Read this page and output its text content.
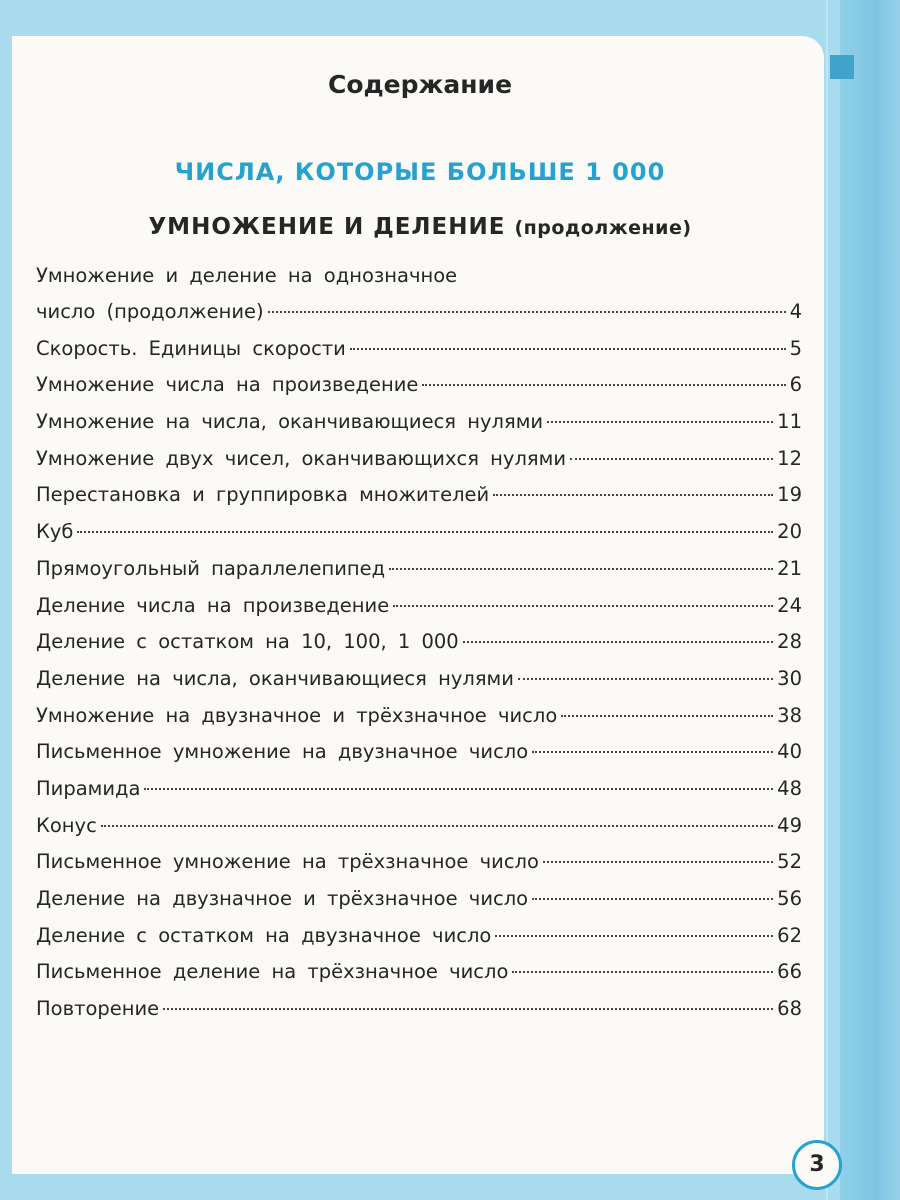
Содержание
ЧИСЛА, КОТОРЫЕ БОЛЬШЕ 1 000
УМНОЖЕНИЕ И ДЕЛЕНИЕ (продолжение)
Умножение и деление на однозначное
число (продолжение)	4
Скорость. Единицы скорости	5
Умножение числа на произведение	6
Умножение на числа, оканчивающиеся нулями	11
Умножение двух чисел, оканчивающихся нулями	12
Перестановка и группировка множителей	19
Куб	20
Прямоугольный параллелепипед	21
Деление числа на произведение	24
Деление с остатком на 10, 100, 1 000	28
Деление на числа, оканчивающиеся нулями	30
Умножение на двузначное и трёхзначное число	38
Письменное умножение на двузначное число	40
Пирамида	48
Конус	49
Письменное умножение на трёхзначное число	52
Деление на двузначное и трёхзначное число	56
Деление с остатком на двузначное число	62
Письменное деление на трёхзначное число	66
Повторение	68
3
